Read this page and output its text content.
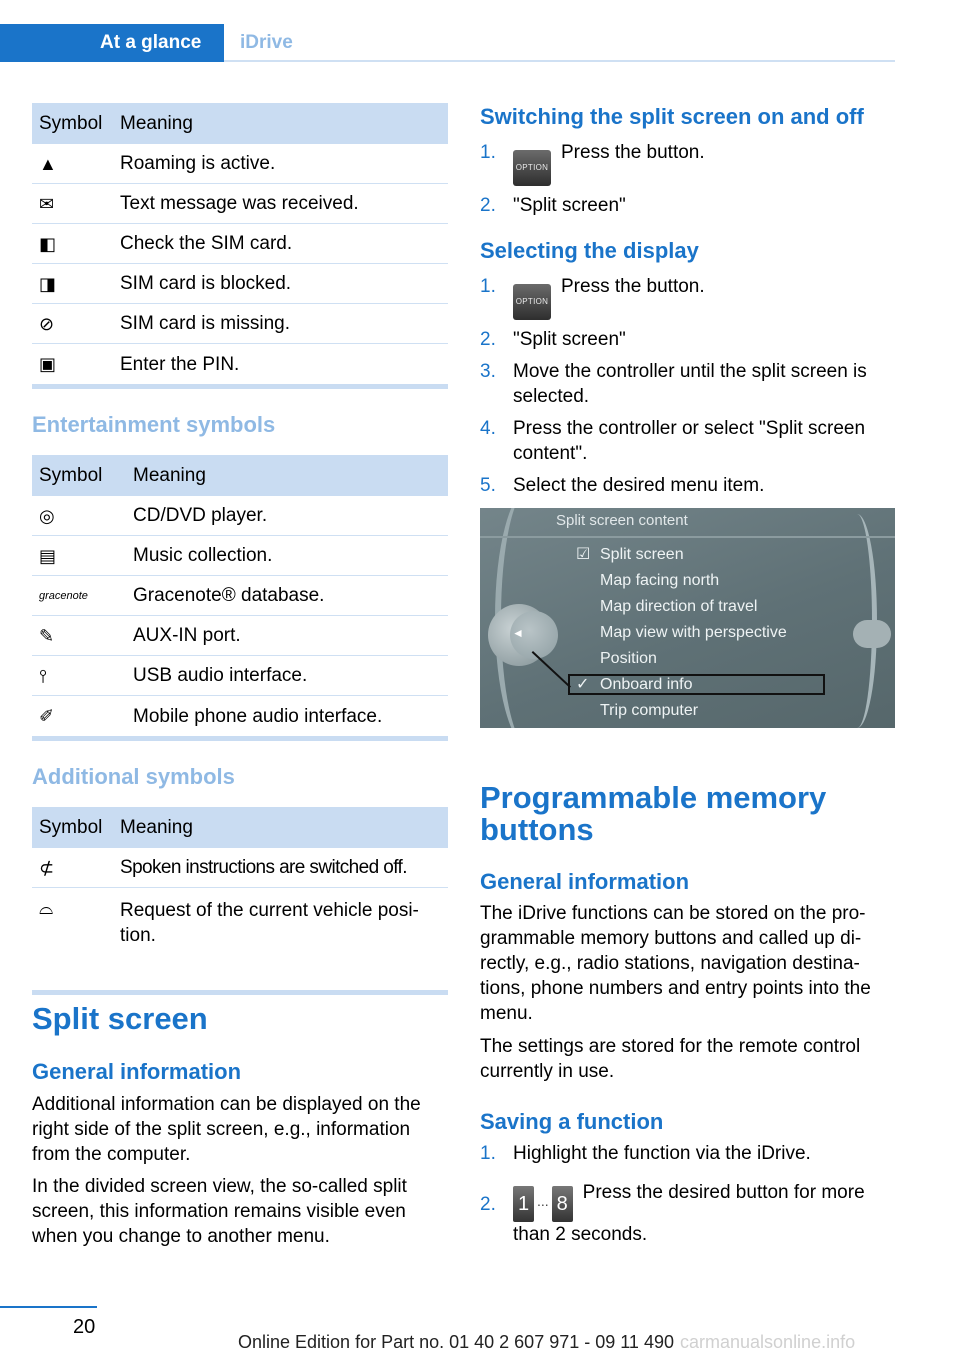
At a glance	iDrive
Symbol Meaning
▲	Roaming is active.
✉	Text message was received.
◧	Check the SIM card.
◨	SIM card is blocked.
⊘	SIM card is missing.
▣	Enter the PIN.
Entertainment symbols
Symbol	Meaning
◎	CD/DVD player.
▤	Music collection.
gracenote Gracenote® database.
✎	AUX-IN port.
⫯	USB audio interface.
✐	Mobile phone audio interface.
Additional symbols
Symbol Meaning
⊄	Spoken instructions are switched off.
⌓	Request of the current vehicle posi-
tion.
Split screen
General information

Additional information can be displayed on the right side of the split screen, e.g., information from the computer.

In the divided screen view, the so-called split screen, this information remains visible even when you change to another menu.

Switching the split screen on and off
1.
OPTIONPress the button.
2. "Split screen"
Selecting the display
1.
OPTIONPress the button.
2. "Split screen"
3. Move the controller until the split screen is selected.
4. Press the controller or select "Split screen content".
5. Select the desired menu item.
◄
Split screen content
☑ Split screen
Map facing north
Map direction of travel
Map view with perspective
Position
✓ Onboard info
Trip computer
Programmable memory buttons
General information

The iDrive functions can be stored on the pro-grammable memory buttons and called up di-rectly, e.g., radio stations, navigation destina-tions, phone numbers and entry points into the menu.

The settings are stored for the remote control currently in use.

Saving a function
1. Highlight the function via the iDrive.
2.	1 ... 8Press the desired button for more than 2 seconds.
20
Online Edition for Part no. 01 40 2 607 971 - 09 11 490 carmanualsonline.info
